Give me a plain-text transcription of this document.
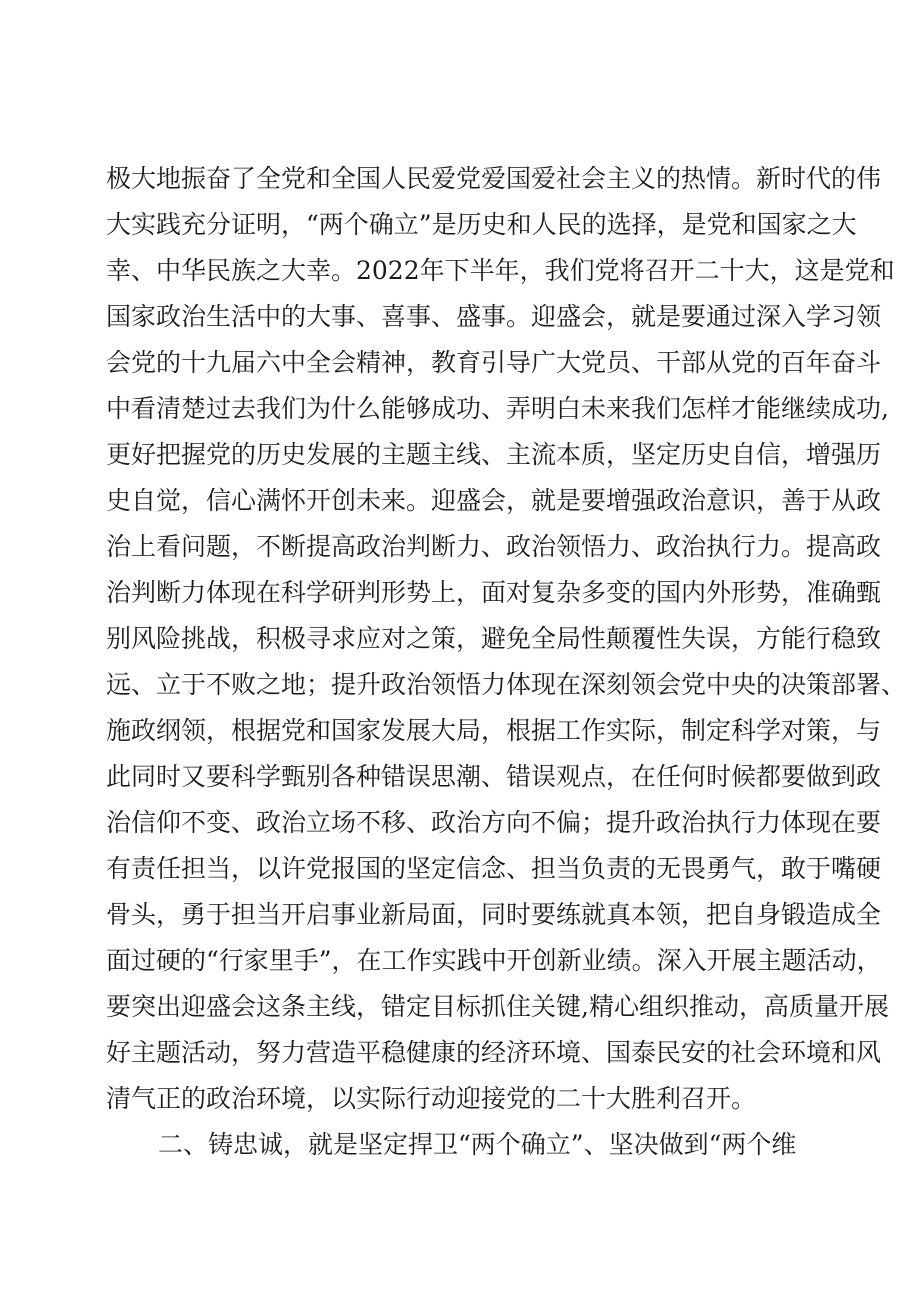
极大地振奋了全党和全国人民爱党爱国爱社会主义的热情。新时代的伟
大实践充分证明，“两个确立”是历史和人民的选择，是党和国家之大
幸、中华民族之大幸。2022年下半年，我们党将召开二十大，这是党和
国家政治生活中的大事、喜事、盛事。迎盛会，就是要通过深入学习领
会党的十九届六中全会精神，教育引导广大党员、干部从党的百年奋斗
中看清楚过去我们为什么能够成功、弄明白未来我们怎样才能继续成功,
更好把握党的历史发展的主题主线、主流本质，坚定历史自信，增强历
史自觉，信心满怀开创未来。迎盛会，就是要增强政治意识，善于从政
治上看问题，不断提高政治判断力、政治领悟力、政治执行力。提高政
治判断力体现在科学研判形势上，面对复杂多变的国内外形势，准确甄
别风险挑战，积极寻求应对之策，避免全局性颠覆性失误，方能行稳致
远、立于不败之地；提升政治领悟力体现在深刻领会党中央的决策部署、
施政纲领，根据党和国家发展大局，根据工作实际，制定科学对策，与
此同时又要科学甄别各种错误思潮、错误观点，在任何时候都要做到政
治信仰不变、政治立场不移、政治方向不偏；提升政治执行力体现在要
有责任担当，以许党报国的坚定信念、担当负责的无畏勇气，敢于嘴硬
骨头，勇于担当开启事业新局面，同时要练就真本领，把自身锻造成全
面过硬的“行家里手”，在工作实践中开创新业绩。深入开展主题活动，
要突出迎盛会这条主线，错定目标抓住关键,精心组织推动，高质量开展
好主题活动，努力营造平稳健康的经济环境、国泰民安的社会环境和风
清气正的政治环境，以实际行动迎接党的二十大胜利召开。
二、铸忠诚，就是坚定捍卫“两个确立”、坚决做到“两个维
